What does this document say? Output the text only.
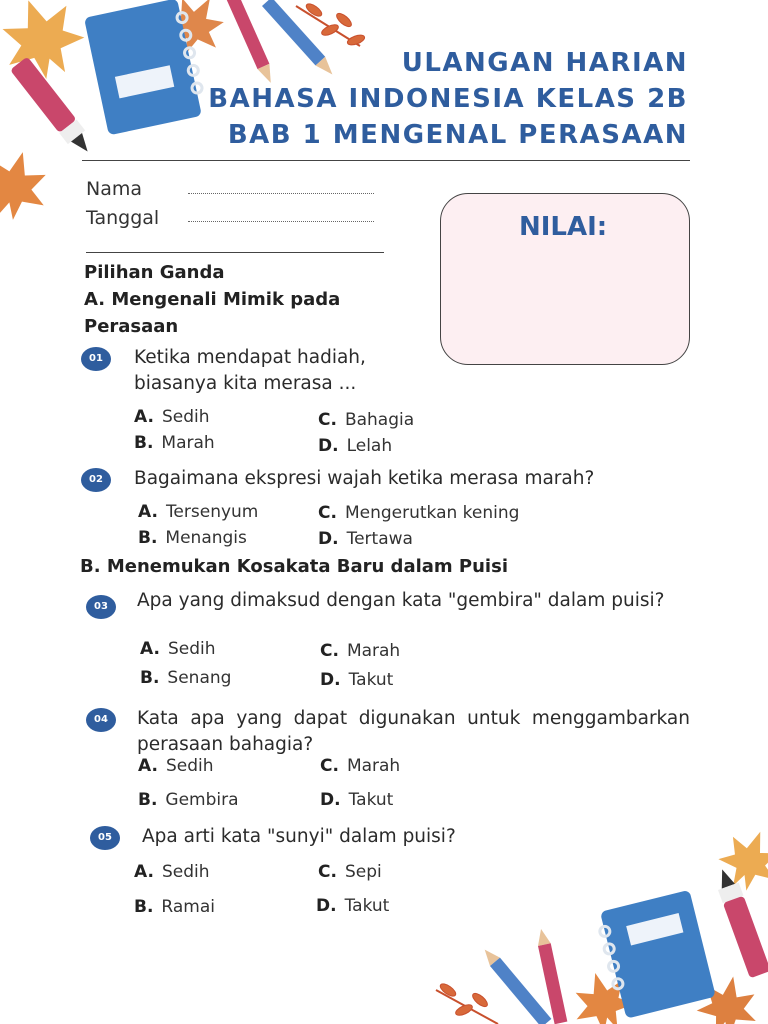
ULANGAN HARIAN
BAHASA INDONESIA KELAS 2B
BAB 1 MENGENAL PERASAAN
Nama
Tanggal	NILAI:
Pilihan Ganda
A. Mengenali Mimik pada
Perasaan
01	Ketika mendapat hadiah, biasanya kita merasa ...
A. Sedih
B. Marah
C. Bahagia
D. Lelah
02	Bagaimana ekspresi wajah ketika merasa marah?
A. Tersenyum
B. Menangis
C. Mengerutkan kening
D. Tertawa
B. Menemukan Kosakata Baru dalam Puisi
03	Apa yang dimaksud dengan kata "gembira" dalam puisi?
A. Sedih
B. Senang
C. Marah
D. Takut
04	Kata apa yang dapat digunakan untuk menggambarkan perasaan bahagia?
A. Sedih
B. Gembira
C. Marah
D. Takut
05	Apa arti kata "sunyi" dalam puisi?
A. Sedih
B. Ramai
C. Sepi
D. Takut
